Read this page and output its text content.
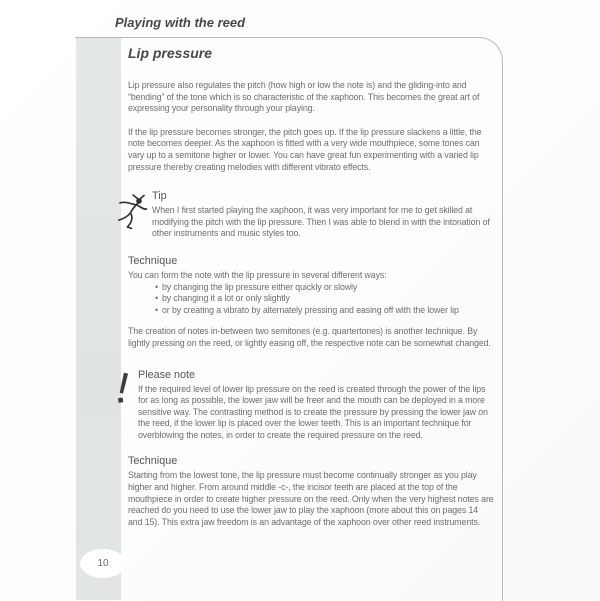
Playing with the reed
Lip pressure

Lip pressure also regulates the pitch (how high or low the note is) and the gliding-into and “bending” of the tone which is so characteristic of the xaphoon. This becomes the great art of expressing your personality through your playing.

If the lip pressure becomes stronger, the pitch goes up. If the lip pressure slackens a little, the note becomes deeper. As the xaphoon is fitted with a very wide mouthpiece, some tones can vary up to a semitone higher or lower. You can have great fun experimenting with a varied lip pressure thereby creating melodies with different vibrato effects.

Tip

When I first started playing the xaphoon, it was very important for me to get skilled at modifying the pitch with the lip pressure. Then I was able to blend in with the intonation of other instruments and music styles too.

Technique

You can form the note with the lip pressure in several different ways:

• by changing the lip pressure either quickly or slowly
• by changing it a lot or only slightly
• or by creating a vibrato by alternately pressing and easing off with the lower lip

The creation of notes in-between two semitones (e.g. quartertones) is another technique. By lightly pressing on the reed, or lightly easing off, the respective note can be somewhat changed.

Please note

If the required level of lower lip pressure on the reed is created through the power of the lips for as long as possible, the lower jaw will be freer and the mouth can be deployed in a more sensitive way. The contrasting method is to create the pressure by pressing the lower jaw on the reed, if the lower lip is placed over the lower teeth. This is an important technique for overblowing the notes, in order to create the required pressure on the reed.

Technique

Starting from the lowest tone, the lip pressure must become continually stronger as you play higher and higher. From around middle -c-, the incisor teeth are placed at the top of the mouthpiece in order to create higher pressure on the reed. Only when the very highest notes are reached do you need to use the lower jaw to play the xaphoon (more about this on pages 14 and 15). This extra jaw freedom is an advantage of the xaphoon over other reed instruments.

10
